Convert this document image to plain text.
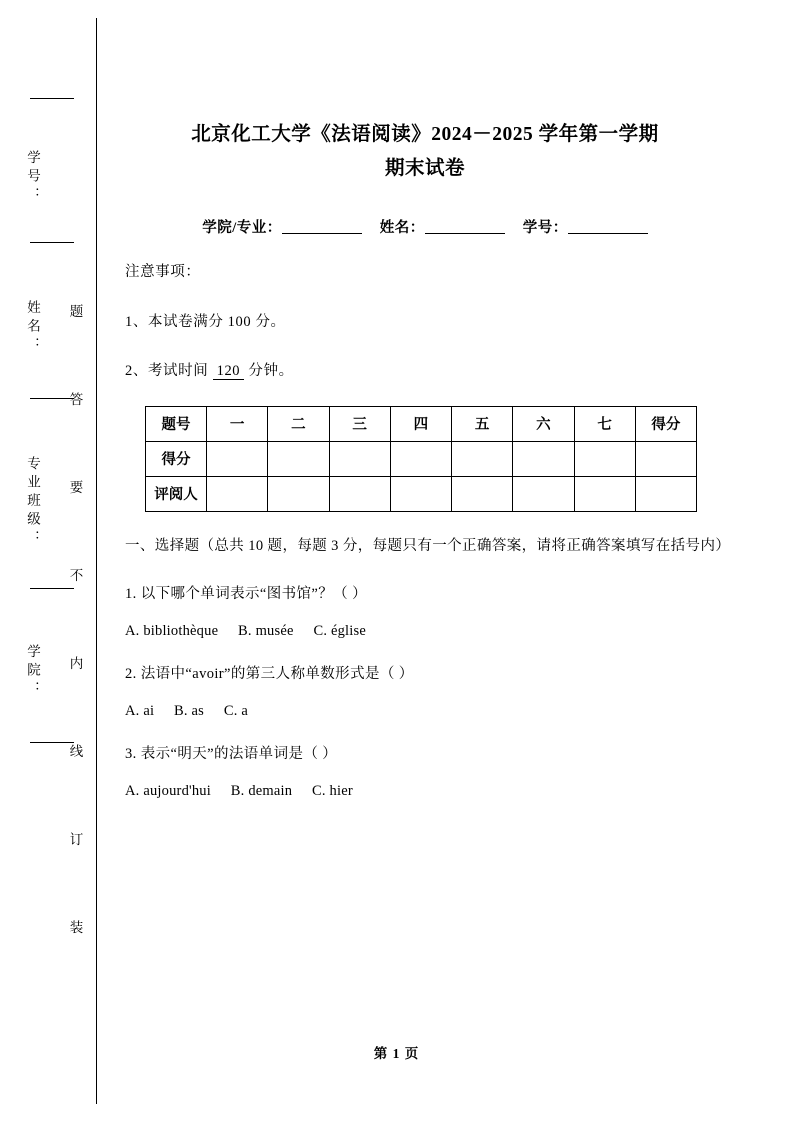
学号：
姓名：
专业班级：
学院：
题
答
要
不
内
线
订
装
北京化工大学《法语阅读》2024－2025 学年第一学期
期末试卷
学院/专业：	姓名：	学号：
注意事项：
1、本试卷满分 100 分。
2、考试时间 120 分钟。
题号	一	二	三	四	五	六	七	得分
得分								
评阅人								
一、选择题（总共 10 题，每题 3 分，每题只有一个正确答案，请将正确答案填写在括号内）
1. 以下哪个单词表示“图书馆”？（ ）
A. bibliothèque B. musée C. église
2. 法语中“avoir”的第三人称单数形式是（ ）
A. ai B. as C. a
3. 表示“明天”的法语单词是（ ）
A. aujourd'hui B. demain C. hier
第 1 页
